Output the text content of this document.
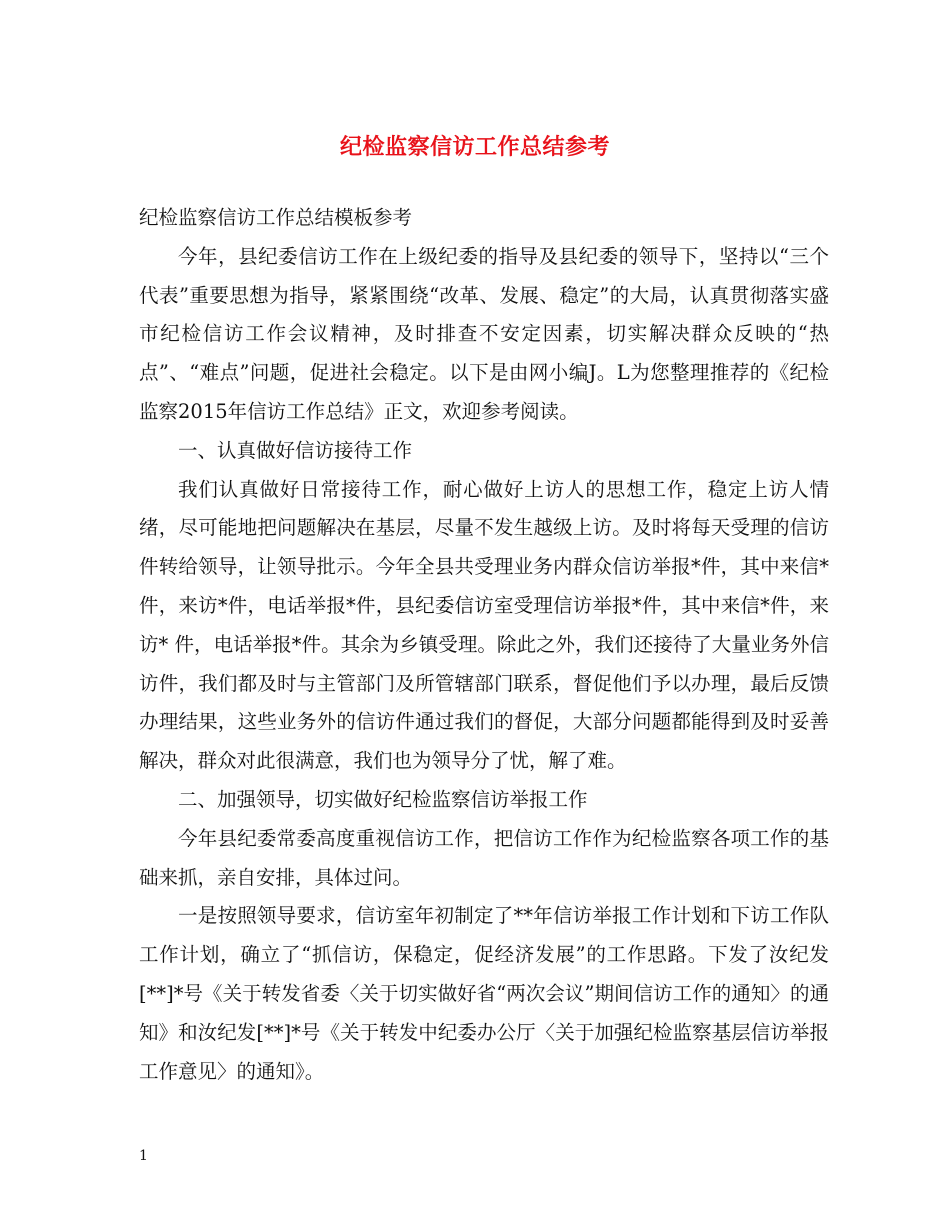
纪检监察信访工作总结参考

纪检监察信访工作总结模板参考

今年，县纪委信访工作在上级纪委的指导及县纪委的领导下，坚持以“三个代表”重要思想为指导，紧紧围绕“改革、发展、稳定”的大局，认真贯彻落实盛市纪检信访工作会议精神，及时排查不安定因素，切实解决群众反映的“热点”、“难点”问题，促进社会稳定。以下是由网小编J。L为您整理推荐的《纪检监察2015年信访工作总结》正文，欢迎参考阅读。

一、认真做好信访接待工作

我们认真做好日常接待工作，耐心做好上访人的思想工作，稳定上访人情绪，尽可能地把问题解决在基层，尽量不发生越级上访。及时将每天受理的信访件转给领导，让领导批示。今年全县共受理业务内群众信访举报*件，其中来信*件，来访*件，电话举报*件，县纪委信访室受理信访举报*件，其中来信*件，来访* 件，电话举报*件。其余为乡镇受理。除此之外，我们还接待了大量业务外信访件，我们都及时与主管部门及所管辖部门联系，督促他们予以办理，最后反馈办理结果，这些业务外的信访件通过我们的督促，大部分问题都能得到及时妥善解决，群众对此很满意，我们也为领导分了忧，解了难。

二、加强领导，切实做好纪检监察信访举报工作

今年县纪委常委高度重视信访工作，把信访工作作为纪检监察各项工作的基础来抓，亲自安排，具体过问。

一是按照领导要求，信访室年初制定了**年信访举报工作计划和下访工作队工作计划，确立了“抓信访，保稳定，促经济发展”的工作思路。下发了汝纪发[**]*号《关于转发省委〈关于切实做好省“两次会议”期间信访工作的通知〉的通知》和汝纪发[**]*号《关于转发中纪委办公厅〈关于加强纪检监察基层信访举报工作意见〉的通知》。

1
